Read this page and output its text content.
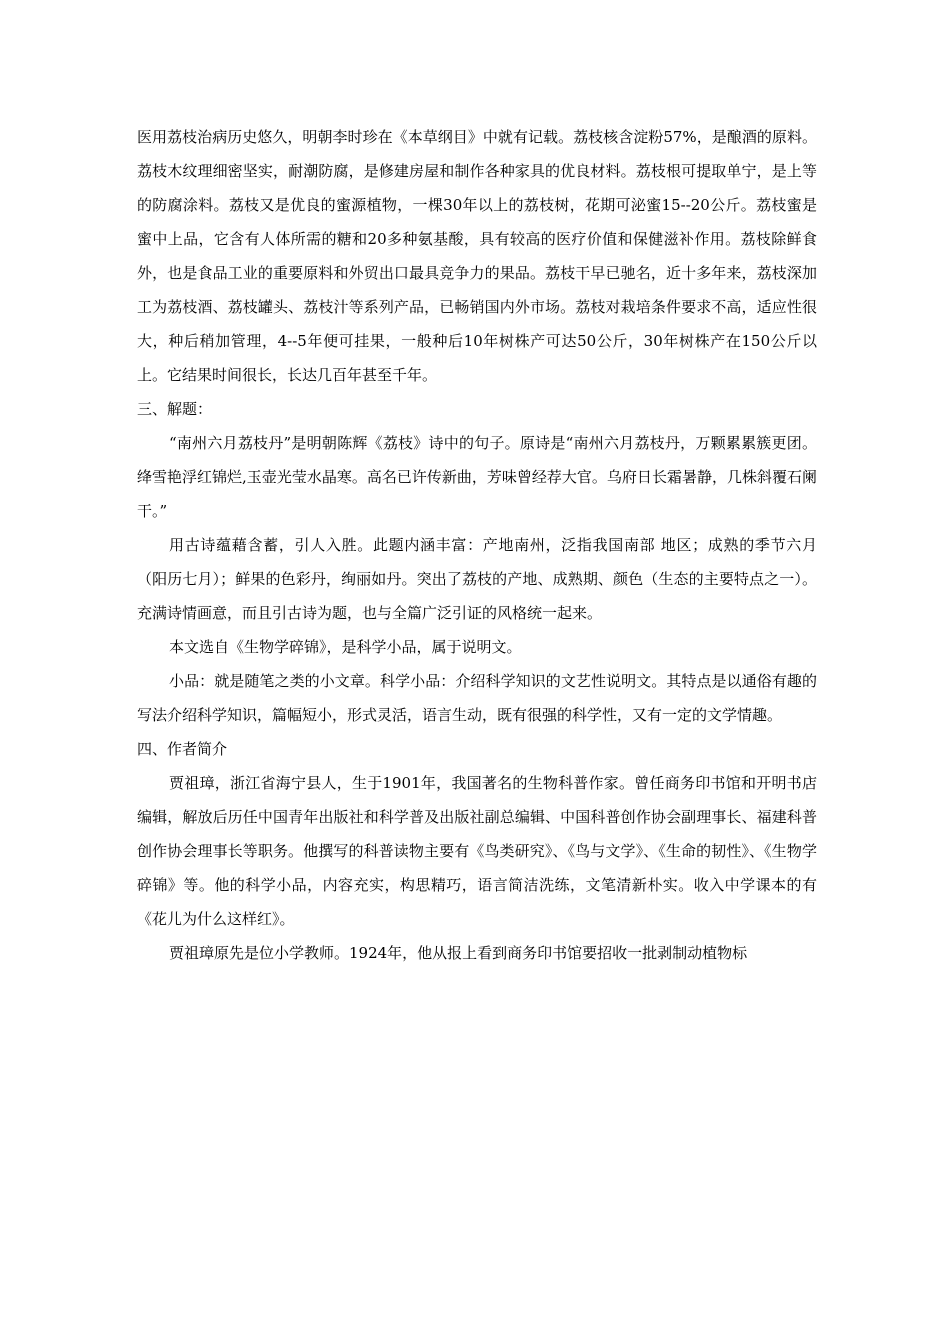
医用荔枝治病历史悠久，明朝李时珍在《本草纲目》中就有记载。荔枝核含淀粉57%，是酿酒的原料。荔枝木纹理细密坚实，耐潮防腐，是修建房屋和制作各种家具的优良材料。荔枝根可提取单宁，是上等的防腐涂料。荔枝又是优良的蜜源植物，一棵30年以上的荔枝树，花期可泌蜜15--20公斤。荔枝蜜是蜜中上品，它含有人体所需的糖和20多种氨基酸，具有较高的医疗价值和保健滋补作用。荔枝除鲜食外，也是食品工业的重要原料和外贸出口最具竞争力的果品。荔枝干早已驰名，近十多年来，荔枝深加工为荔枝酒、荔枝罐头、荔枝汁等系列产品，已畅销国内外市场。荔枝对栽培条件要求不高，适应性很大，种后稍加管理，4--5年便可挂果，一般种后10年树株产可达50公斤，30年树株产在150公斤以上。它结果时间很长，长达几百年甚至千年。

三、解题：

“南州六月荔枝丹”是明朝陈辉《荔枝》诗中的句子。原诗是“南州六月荔枝丹，万颗累累簇更团。绛雪艳浮红锦烂,玉壶光莹水晶寒。高名已许传新曲，芳味曾经荐大官。乌府日长霜暑静，几株斜覆石阑干。”

用古诗蕴藉含蓄，引人入胜。此题内涵丰富：产地南州，泛指我国南部 地区；成熟的季节六月（阳历七月）；鲜果的色彩丹，绚丽如丹。突出了荔枝的产地、成熟期、颜色（生态的主要特点之一）。充满诗情画意，而且引古诗为题，也与全篇广泛引证的风格统一起来。

本文选自《生物学碎锦》，是科学小品，属于说明文。

小品：就是随笔之类的小文章。科学小品：介绍科学知识的文艺性说明文。其特点是以通俗有趣的写法介绍科学知识，篇幅短小，形式灵活，语言生动，既有很强的科学性，又有一定的文学情趣。

四、作者简介

贾祖璋，浙江省海宁县人，生于1901年，我国著名的生物科普作家。曾任商务印书馆和开明书店编辑，解放后历任中国青年出版社和科学普及出版社副总编辑、中国科普创作协会副理事长、福建科普创作协会理事长等职务。他撰写的科普读物主要有《鸟类研究》、《鸟与文学》、《生命的韧性》、《生物学碎锦》等。他的科学小品，内容充实，构思精巧，语言简洁洗练，文笔清新朴实。收入中学课本的有《花儿为什么这样红》。

贾祖璋原先是位小学教师。1924年，他从报上看到商务印书馆要招收一批剥制动植物标
